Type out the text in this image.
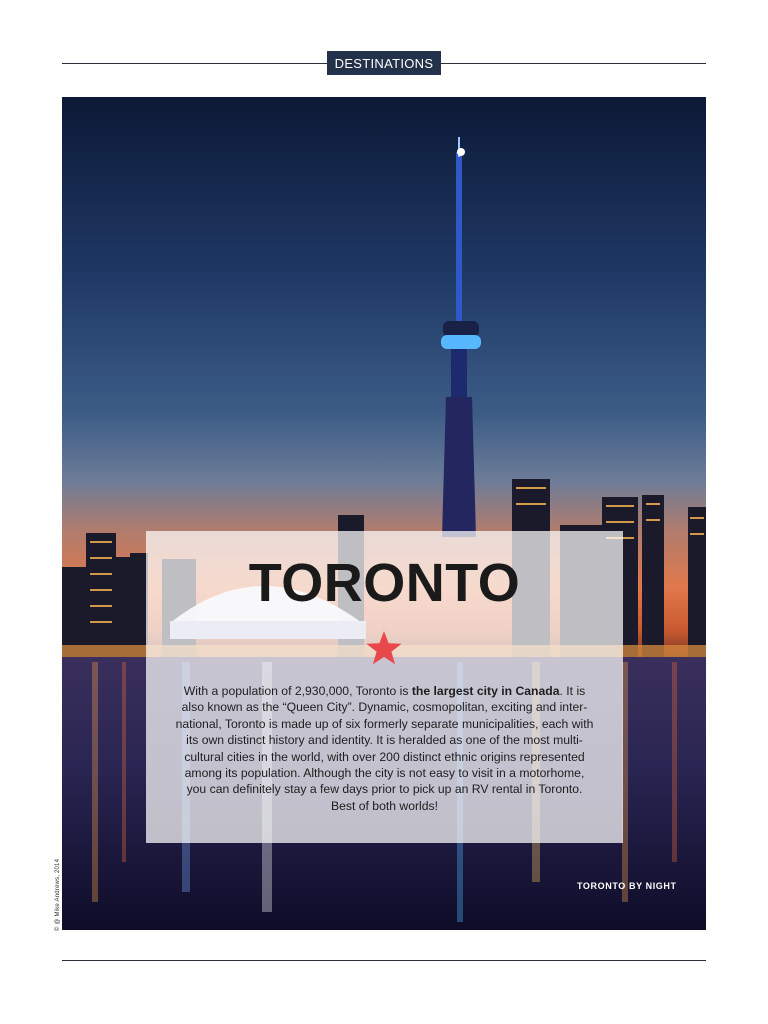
DESTINATIONS
TORONTO BY NIGHT
© @ Mike Andrews, 2014
TORONTO
With a population of 2,930,000, Toronto is the largest city in Canada. It is also known as the “Queen City”. Dynamic, cosmopolitan, exciting and inter-national, Toronto is made up of six formerly separate municipalities, each with its own distinct history and identity. It is heralded as one of the most multi-cultural cities in the world, with over 200 distinct ethnic origins represented among its population. Although the city is not easy to visit in a motorhome, you can definitely stay a few days prior to pick up an RV rental in Toronto. Best of both worlds!
